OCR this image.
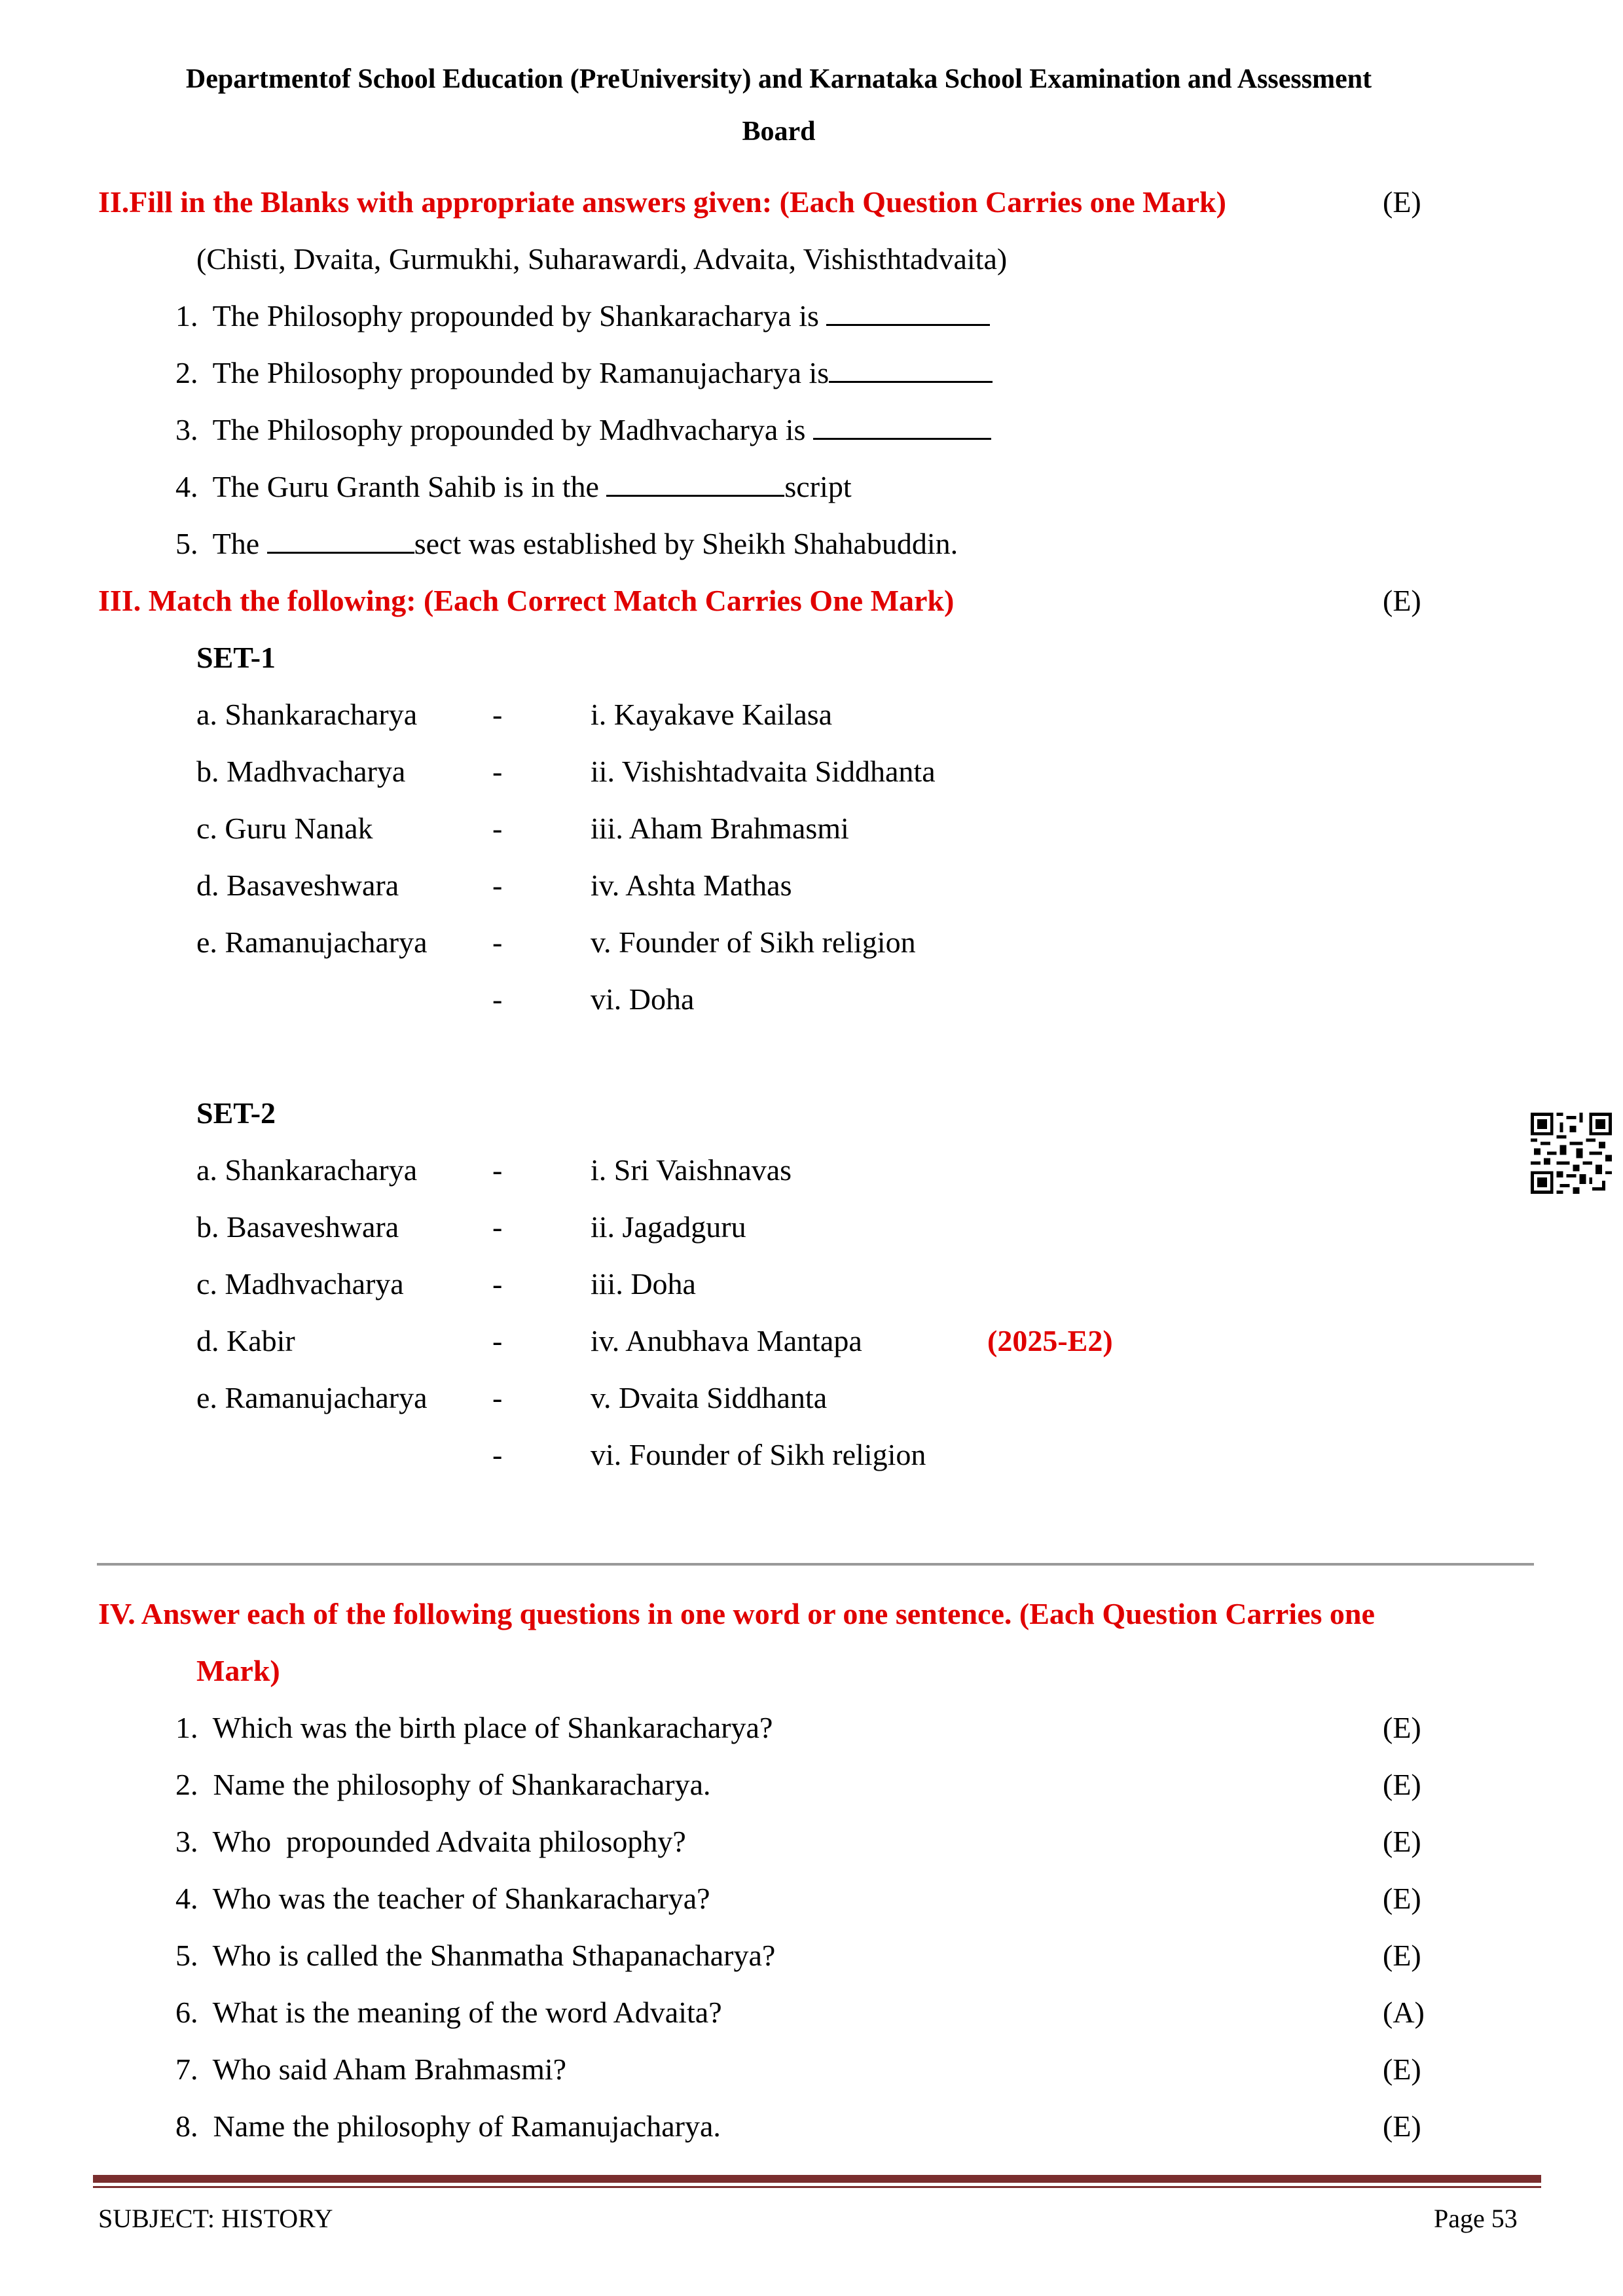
Departmentof School Education (PreUniversity) and Karnataka School Examination and Assessment
Board
II.Fill in the Blanks with appropriate answers given: (Each Question Carries one Mark)	(E)
(Chisti, Dvaita, Gurmukhi, Suharawardi, Advaita, Vishisthtadvaita)
1. The Philosophy propounded by Shankaracharya is
2. The Philosophy propounded by Ramanujacharya is
3. The Philosophy propounded by Madhvacharya is
4. The Guru Granth Sahib is in the	script
5. The	sect was established by Sheikh Shahabuddin.
III. Match the following: (Each Correct Match Carries One Mark)	(E)
SET-1
a. Shankaracharya -	i. Kayakave Kailasa
b. Madhvacharya	-	ii. Vishishtadvaita Siddhanta
c. Guru Nanak	-	iii. Aham Brahmasmi
d. Basaveshwara	-	iv. Ashta Mathas
e. Ramanujacharya -	v. Founder of Sikh religion
-	vi. Doha
SET-2
a. Shankaracharya -	i. Sri Vaishnavas
b. Basaveshwara	-	ii. Jagadguru
c. Madhvacharya	-	iii. Doha
d. Kabir	-	iv. Anubhava Mantapa	(2025-E2)
e. Ramanujacharya -	v. Dvaita Siddhanta
-	vi. Founder of Sikh religion
IV. Answer each of the following questions in one word or one sentence. (Each Question Carries one
Mark)
1. Which was the birth place of Shankaracharya?	(E)
2. Name the philosophy of Shankaracharya.	(E)
3. Who  propounded Advaita philosophy?	(E)
4. Who was the teacher of Shankaracharya?	(E)
5. Who is called the Shanmatha Sthapanacharya?	(E)
6. What is the meaning of the word Advaita?	(A)
7. Who said Aham Brahmasmi?	(E)
8. Name the philosophy of Ramanujacharya.	(E)
SUBJECT: HISTORY	Page 53
